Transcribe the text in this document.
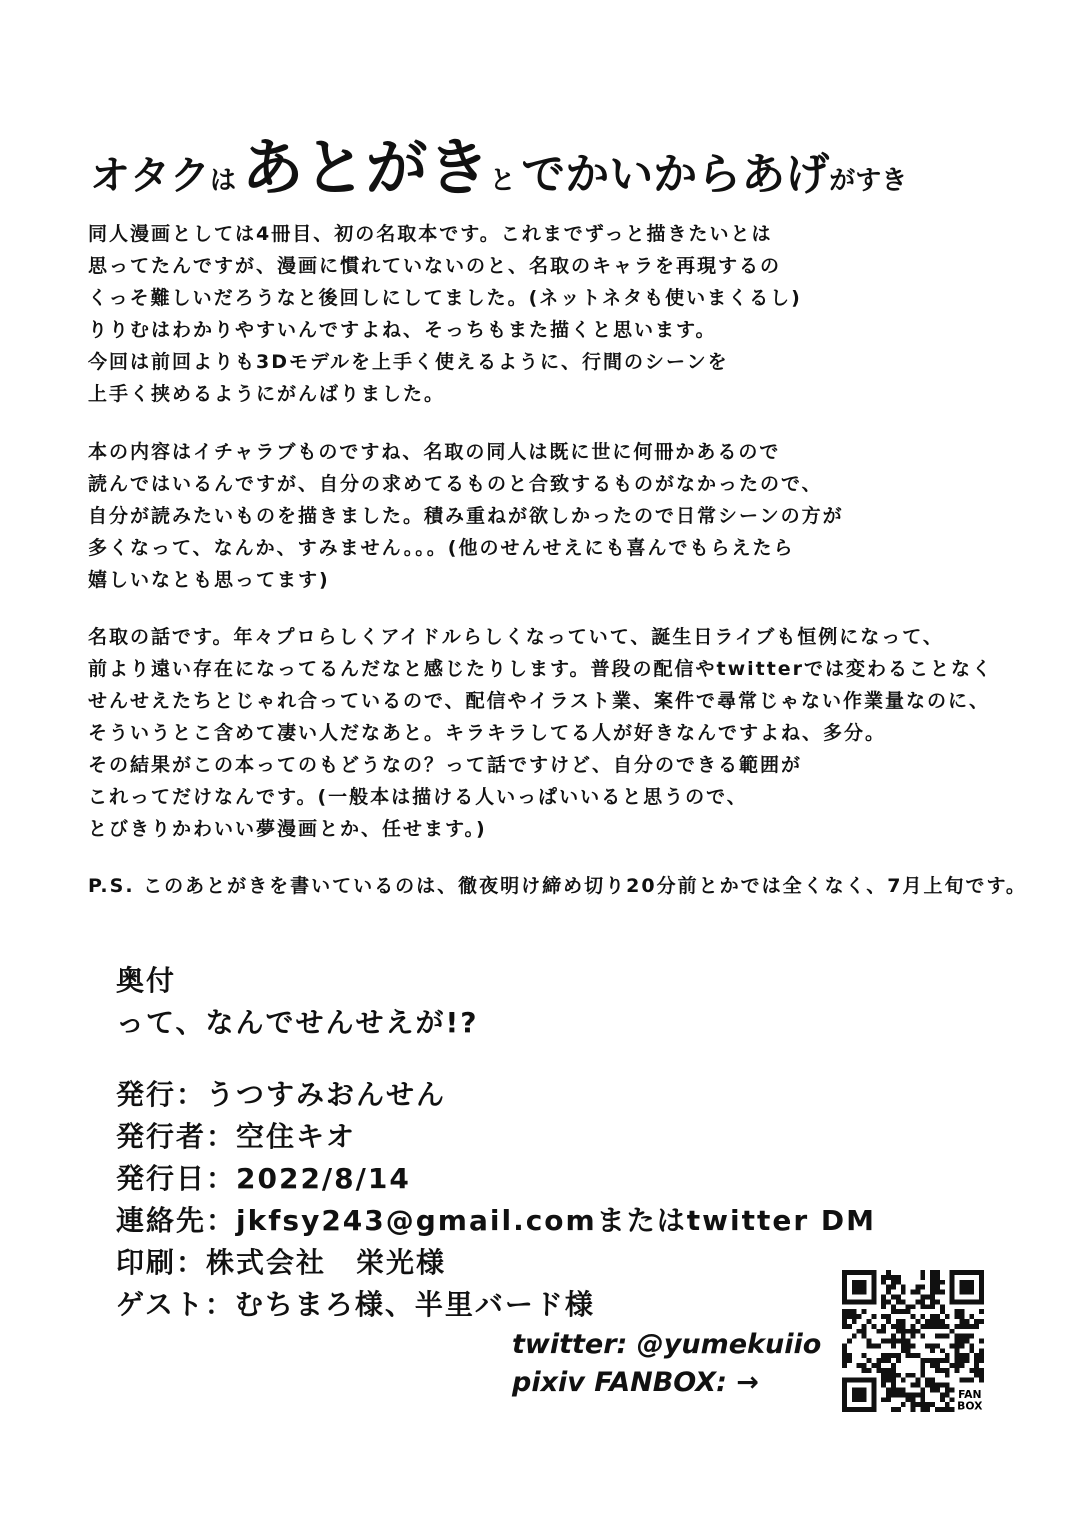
オタクは あとがきと でかいからあげがすき
同人漫画としては4冊目、初の名取本です。これまでずっと描きたいとは
思ってたんですが、漫画に慣れていないのと、名取のキャラを再現するの
くっそ難しいだろうなと後回しにしてました。(ネットネタも使いまくるし)
りりむはわかりやすいんですよね、そっちもまた描くと思います。
今回は前回よりも3Dモデルを上手く使えるように、行間のシーンを
上手く挟めるようにがんばりました。
本の内容はイチャラブものですね、名取の同人は既に世に何冊かあるので
読んではいるんですが、自分の求めてるものと合致するものがなかったので、
自分が読みたいものを描きました。積み重ねが欲しかったので日常シーンの方が
多くなって、なんか、すみません。。。(他のせんせえにも喜んでもらえたら
嬉しいなとも思ってます)
名取の話です。年々プロらしくアイドルらしくなっていて、誕生日ライブも恒例になって、
前より遠い存在になってるんだなと感じたりします。普段の配信やtwitterでは変わることなく
せんせえたちとじゃれ合っているので、配信やイラスト業、案件で尋常じゃない作業量なのに、
そういうとこ含めて凄い人だなあと。キラキラしてる人が好きなんですよね、多分。
その結果がこの本ってのもどうなの？って話ですけど、自分のできる範囲が
これってだけなんです。(一般本は描ける人いっぱいいると思うので、
とびきりかわいい夢漫画とか、任せます。)
P.S. このあとがきを書いているのは、徹夜明け締め切り20分前とかでは全くなく、7月上旬です。
奥付
って、なんでせんせえが!?
発行：うつすみおんせん
発行者：空住キオ
発行日：2022/8/14
連絡先：jkfsy243@gmail.comまたはtwitter DM
印刷：株式会社　栄光様
ゲスト：むちまろ様、半里バード様
twitter: @yumekuiio
pixiv FANBOX: →	FAN
BOX
